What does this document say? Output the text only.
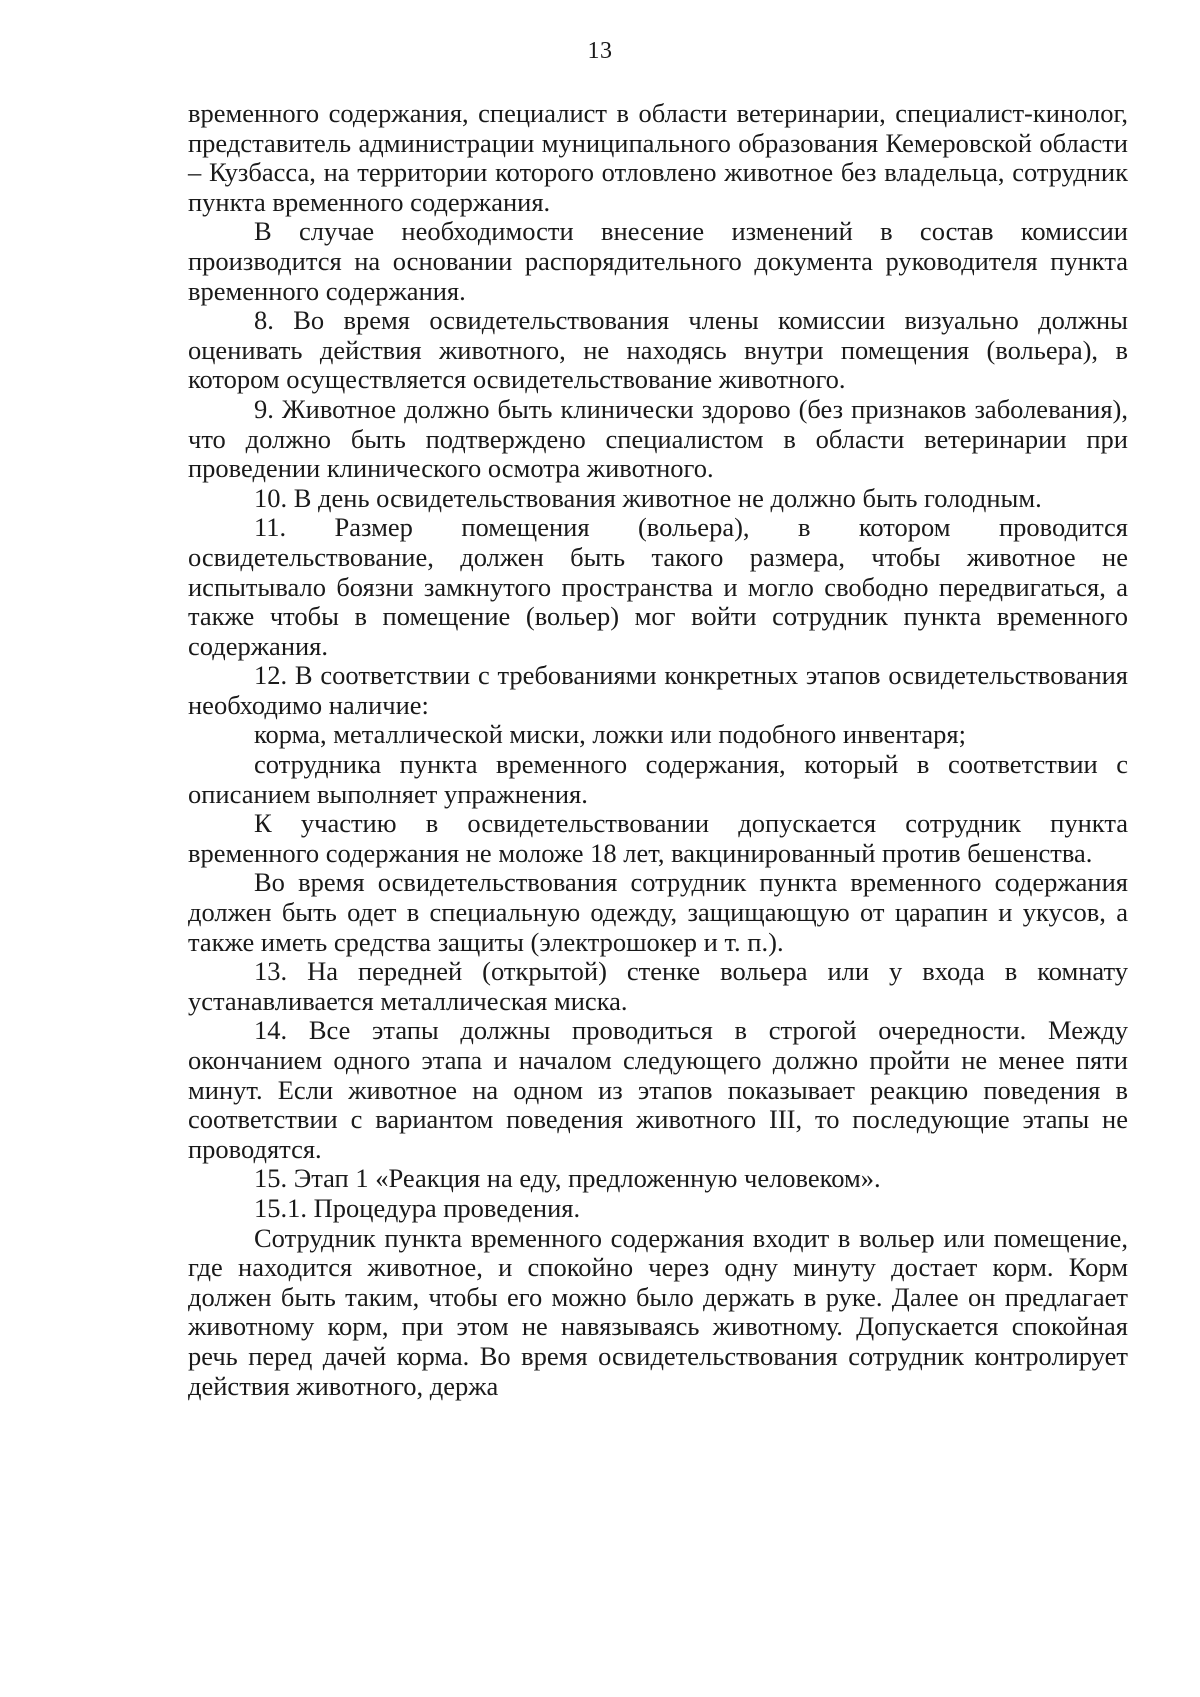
13

временного содержания, специалист в области ветеринарии, специалист-кинолог, представитель администрации муниципального образования Кемеровской области – Кузбасса, на территории которого отловлено животное без владельца, сотрудник пункта временного содержания.

В случае необходимости внесение изменений в состав комиссии производится на основании распорядительного документа руководителя пункта временного содержания.

8. Во время освидетельствования члены комиссии визуально должны оценивать действия животного, не находясь внутри помещения (вольера), в котором осуществляется освидетельствование животного.

9. Животное должно быть клинически здорово (без признаков заболевания), что должно быть подтверждено специалистом в области ветеринарии при проведении клинического осмотра животного.

10. В день освидетельствования животное не должно быть голодным.

11. Размер помещения (вольера), в котором проводится освидетельствование, должен быть такого размера, чтобы животное не испытывало боязни замкнутого пространства и могло свободно передвигаться, а также чтобы в помещение (вольер) мог войти сотрудник пункта временного содержания.

12. В соответствии с требованиями конкретных этапов освидетельствования необходимо наличие:

корма, металлической миски, ложки или подобного инвентаря;

сотрудника пункта временного содержания, который в соответствии с описанием выполняет упражнения.

К участию в освидетельствовании допускается сотрудник пункта временного содержания не моложе 18 лет, вакцинированный против бешенства.

Во время освидетельствования сотрудник пункта временного содержания должен быть одет в специальную одежду, защищающую от царапин и укусов, а также иметь средства защиты (электрошокер и т. п.).

13. На передней (открытой) стенке вольера или у входа в комнату устанавливается металлическая миска.

14. Все этапы должны проводиться в строгой очередности. Между окончанием одного этапа и началом следующего должно пройти не менее пяти минут. Если животное на одном из этапов показывает реакцию поведения в соответствии с вариантом поведения животного III, то последующие этапы не проводятся.

15. Этап 1 «Реакция на еду, предложенную человеком».

15.1. Процедура проведения.

Сотрудник пункта временного содержания входит в вольер или помещение, где находится животное, и спокойно через одну минуту достает корм. Корм должен быть таким, чтобы его можно было держать в руке. Далее он предлагает животному корм, при этом не навязываясь животному. Допускается спокойная речь перед дачей корма. Во время освидетельствования сотрудник контролирует действия животного, держа
